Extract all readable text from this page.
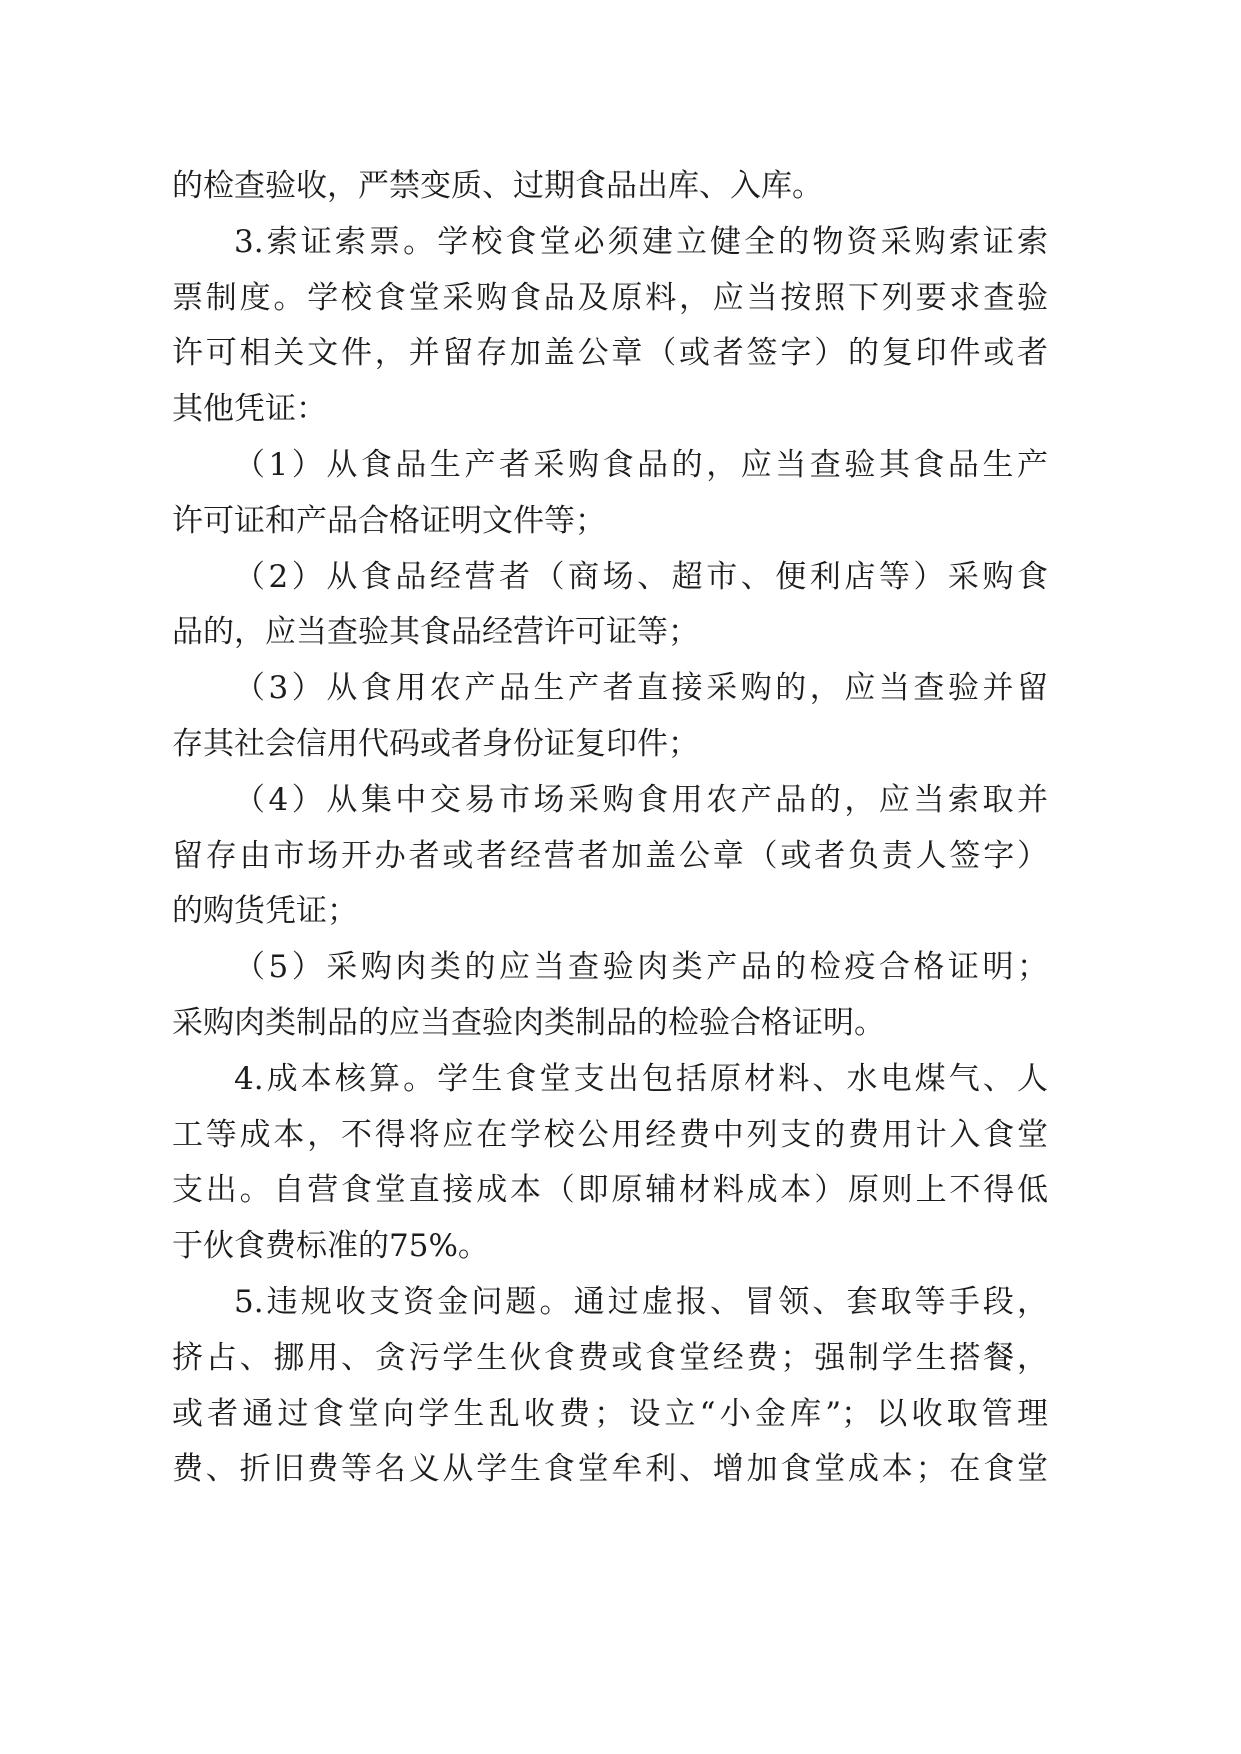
的检查验收，严禁变质、过期食品出库、入库。
3.索证索票。学校食堂必须建立健全的物资采购索证索
票制度。学校食堂采购食品及原料，应当按照下列要求查验
许可相关文件，并留存加盖公章（或者签字）的复印件或者
其他凭证：
（1）从食品生产者采购食品的，应当查验其食品生产
许可证和产品合格证明文件等；
（2）从食品经营者（商场、超市、便利店等）采购食
品的，应当查验其食品经营许可证等；
（3）从食用农产品生产者直接采购的，应当查验并留
存其社会信用代码或者身份证复印件；
（4）从集中交易市场采购食用农产品的，应当索取并
留存由市场开办者或者经营者加盖公章（或者负责人签字）
的购货凭证；
（5）采购肉类的应当查验肉类产品的检疫合格证明；
采购肉类制品的应当查验肉类制品的检验合格证明。
4.成本核算。学生食堂支出包括原材料、水电煤气、人
工等成本，不得将应在学校公用经费中列支的费用计入食堂
支出。自营食堂直接成本（即原辅材料成本）原则上不得低
于伙食费标准的75%。
5.违规收支资金问题。通过虚报、冒领、套取等手段，
挤占、挪用、贪污学生伙食费或食堂经费；强制学生搭餐，
或者通过食堂向学生乱收费；设立“小金库”；以收取管理
费、折旧费等名义从学生食堂牟利、增加食堂成本；在食堂
